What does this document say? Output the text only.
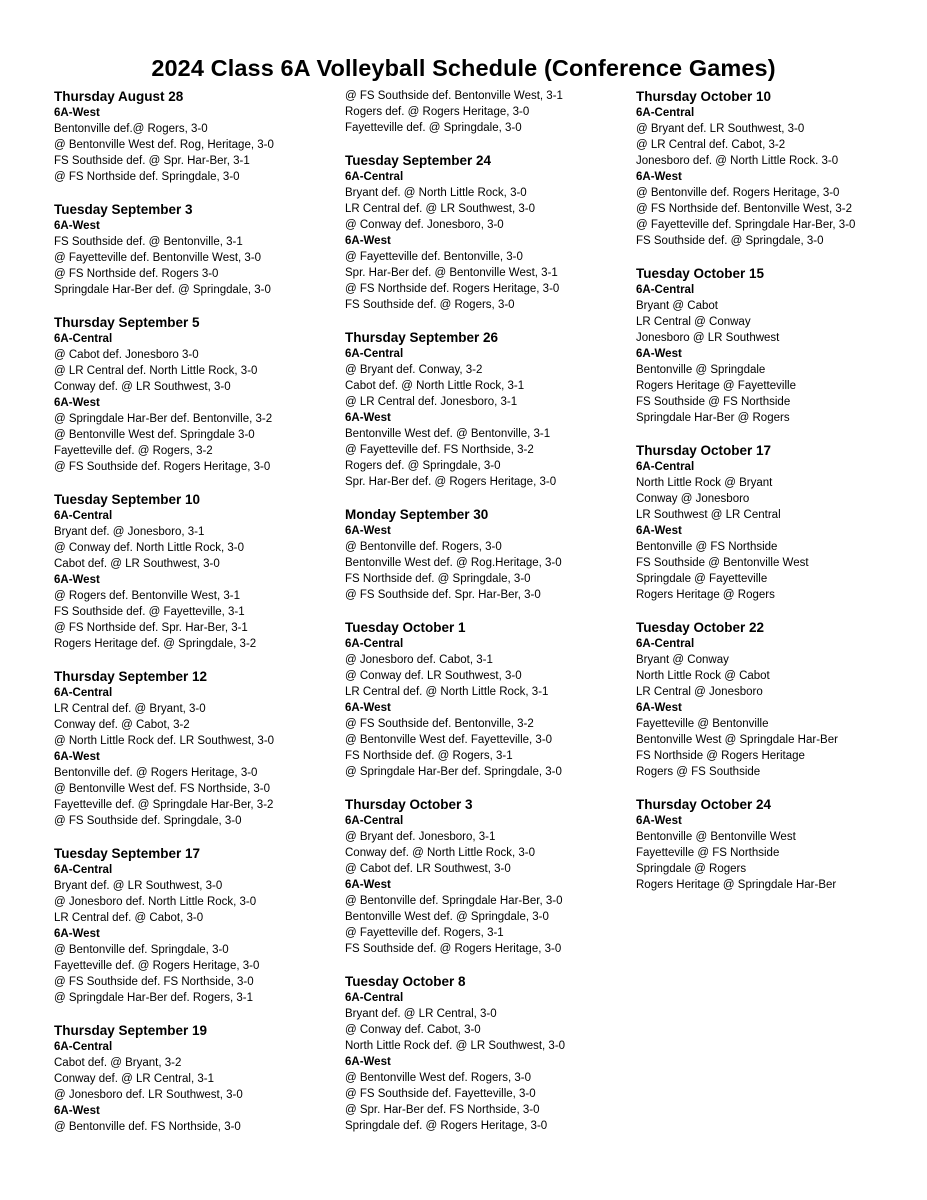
2024 Class 6A Volleyball Schedule (Conference Games)
Thursday August 28
6A-West
Bentonville def.@ Rogers, 3-0
@ Bentonville West def. Rog, Heritage, 3-0
FS Southside def. @ Spr. Har-Ber, 3-1
@ FS Northside def. Springdale, 3-0
Tuesday September 3
6A-West
FS Southside def. @ Bentonville, 3-1
@ Fayetteville def. Bentonville West, 3-0
@ FS Northside def. Rogers 3-0
Springdale Har-Ber def. @ Springdale, 3-0
Thursday September 5
6A-Central
@ Cabot def. Jonesboro 3-0
@ LR Central def. North Little Rock, 3-0
Conway def. @ LR Southwest, 3-0
6A-West
@ Springdale Har-Ber def. Bentonville, 3-2
@ Bentonville West def. Springdale 3-0
Fayetteville def. @ Rogers, 3-2
@ FS Southside def. Rogers Heritage, 3-0
Tuesday September 10
6A-Central
Bryant def. @ Jonesboro, 3-1
@ Conway def. North Little Rock, 3-0
Cabot def. @ LR Southwest, 3-0
6A-West
@ Rogers def. Bentonville West, 3-1
FS Southside def. @ Fayetteville, 3-1
@ FS Northside def. Spr. Har-Ber, 3-1
Rogers Heritage def. @ Springdale, 3-2
Thursday September 12
6A-Central
LR Central def. @ Bryant, 3-0
Conway def. @ Cabot, 3-2
@ North Little Rock def. LR Southwest, 3-0
6A-West
Bentonville def. @ Rogers Heritage, 3-0
@ Bentonville West def. FS Northside, 3-0
Fayetteville def. @ Springdale Har-Ber, 3-2
@ FS Southside def. Springdale, 3-0
Tuesday September 17
6A-Central
Bryant def. @ LR Southwest, 3-0
@ Jonesboro def. North Little Rock, 3-0
LR Central def. @ Cabot, 3-0
6A-West
@ Bentonville def. Springdale, 3-0
Fayetteville def. @ Rogers Heritage, 3-0
@ FS Southside def. FS Northside, 3-0
@ Springdale Har-Ber def. Rogers, 3-1
Thursday September 19
6A-Central
Cabot def. @ Bryant, 3-2
Conway def. @ LR Central, 3-1
@ Jonesboro def. LR Southwest, 3-0
6A-West
@ Bentonville def. FS Northside, 3-0
@ FS Southside def. Bentonville West, 3-1
Rogers def. @ Rogers Heritage, 3-0
Fayetteville def. @ Springdale, 3-0
Tuesday September 24
6A-Central
Bryant def. @ North Little Rock, 3-0
LR Central def. @ LR Southwest, 3-0
@ Conway def. Jonesboro, 3-0
6A-West
@ Fayetteville def. Bentonville, 3-0
Spr. Har-Ber def. @ Bentonville West, 3-1
@ FS Northside def. Rogers Heritage, 3-0
FS Southside def. @ Rogers, 3-0
Thursday September 26
6A-Central
@ Bryant def. Conway, 3-2
Cabot def. @ North Little Rock, 3-1
@ LR Central def. Jonesboro, 3-1
6A-West
Bentonville West def. @ Bentonville, 3-1
@ Fayetteville def. FS Northside, 3-2
Rogers def. @ Springdale, 3-0
Spr. Har-Ber def. @ Rogers Heritage, 3-0
Monday September 30
6A-West
@ Bentonville def. Rogers, 3-0
Bentonville West def. @ Rog.Heritage, 3-0
FS Northside def. @ Springdale, 3-0
@ FS Southside def. Spr. Har-Ber, 3-0
Tuesday October 1
6A-Central
@ Jonesboro def. Cabot, 3-1
@ Conway def. LR Southwest, 3-0
LR Central def. @ North Little Rock, 3-1
6A-West
@ FS Southside def. Bentonville, 3-2
@ Bentonville West def. Fayetteville, 3-0
FS Northside def. @ Rogers, 3-1
@ Springdale Har-Ber def. Springdale, 3-0
Thursday October 3
6A-Central
@ Bryant def. Jonesboro, 3-1
Conway def. @ North Little Rock, 3-0
@ Cabot def. LR Southwest, 3-0
6A-West
@ Bentonville def. Springdale Har-Ber, 3-0
Bentonville West def. @ Springdale, 3-0
@ Fayetteville def. Rogers, 3-1
FS Southside def. @ Rogers Heritage, 3-0
Tuesday October 8
6A-Central
Bryant def. @ LR Central, 3-0
@ Conway def. Cabot, 3-0
North Little Rock def. @ LR Southwest, 3-0
6A-West
@ Bentonville West def. Rogers, 3-0
@ FS Southside def. Fayetteville, 3-0
@ Spr. Har-Ber def. FS Northside, 3-0
Springdale def. @ Rogers Heritage, 3-0
Thursday October 10
6A-Central
@ Bryant def. LR Southwest, 3-0
@ LR Central def. Cabot, 3-2
Jonesboro def. @ North Little Rock. 3-0
6A-West
@ Bentonville def. Rogers Heritage, 3-0
@ FS Northside def. Bentonville West, 3-2
@ Fayetteville def. Springdale Har-Ber, 3-0
FS Southside def. @ Springdale, 3-0
Tuesday October 15
6A-Central
Bryant @ Cabot
LR Central @ Conway
Jonesboro @ LR Southwest
6A-West
Bentonville @ Springdale
Rogers Heritage @ Fayetteville
FS Southside @ FS Northside
Springdale Har-Ber @ Rogers
Thursday October 17
6A-Central
North Little Rock @ Bryant
Conway @ Jonesboro
LR Southwest @ LR Central
6A-West
Bentonville @ FS Northside
FS Southside @ Bentonville West
Springdale @ Fayetteville
Rogers Heritage @ Rogers
Tuesday October 22
6A-Central
Bryant @ Conway
North Little Rock @ Cabot
LR Central @ Jonesboro
6A-West
Fayetteville @ Bentonville
Bentonville West @ Springdale Har-Ber
FS Northside @ Rogers Heritage
Rogers @ FS Southside
Thursday October 24
6A-West
Bentonville @ Bentonville West
Fayetteville @ FS Northside
Springdale @ Rogers
Rogers Heritage @ Springdale Har-Ber
